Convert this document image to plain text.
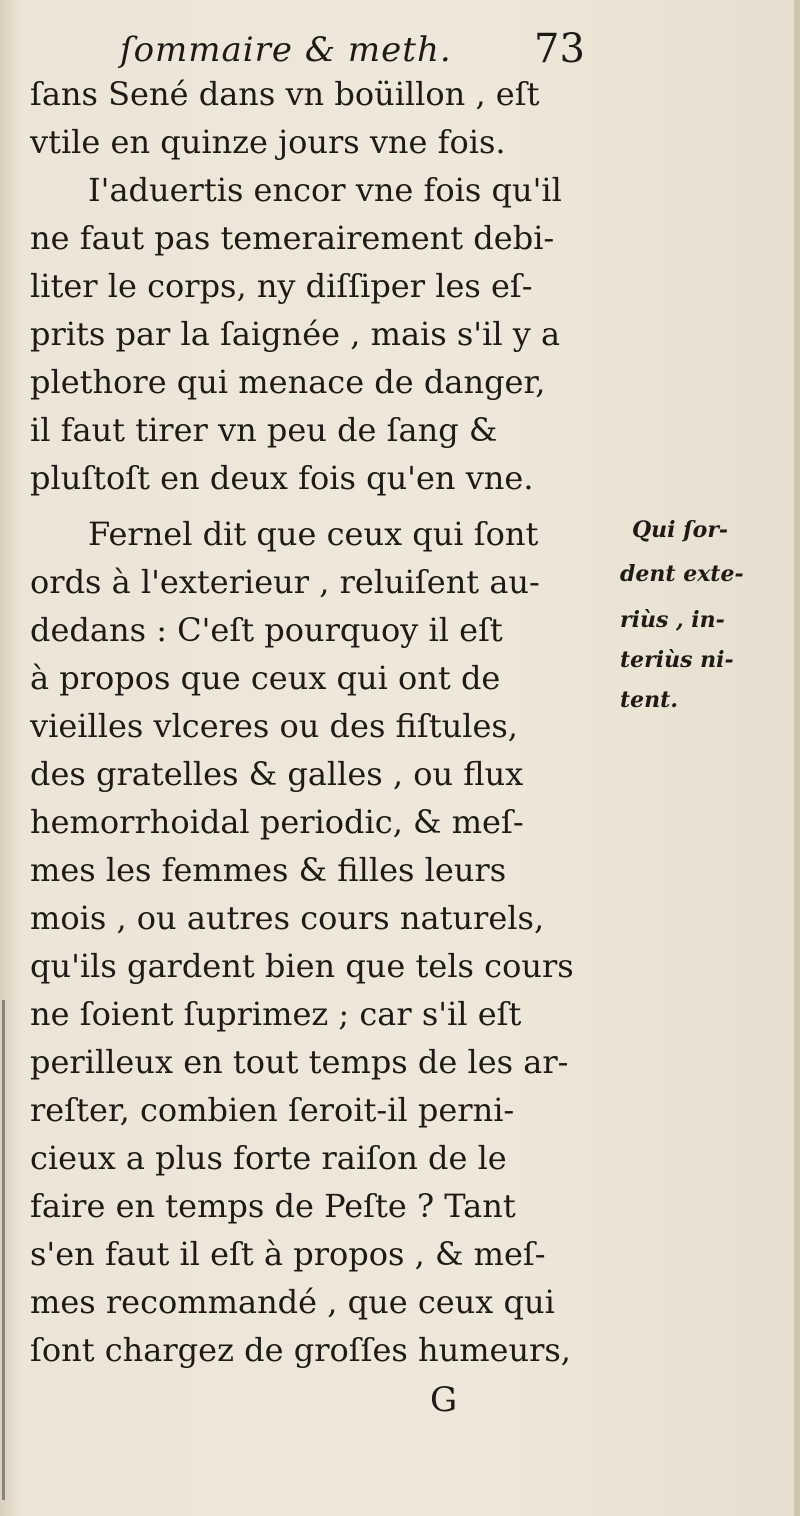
ſommaire & meth. 73
ſans Sené dans vn boüillon , eſt
vtile en quinze jours vne fois.
I'aduertis encor vne fois qu'il
ne faut pas temerairement debi-
liter le corps, ny diſſiper les eſ-
prits par la ſaignée , mais s'il y a
plethore qui menace de danger,
il faut tirer vn peu de ſang &
pluſtoſt en deux fois qu'en vne.
Fernel dit que ceux qui ſont
ords à l'exterieur , reluiſent au-
dedans : C'eſt pourquoy il eſt
à propos que ceux qui ont de
vieilles vlceres ou des fiſtules,
des gratelles & galles , ou flux
hemorrhoidal periodic, & meſ-
mes les femmes & filles leurs
mois , ou autres cours naturels,
qu'ils gardent bien que tels cours
ne ſoient ſuprimez ; car s'il eſt
perilleux en tout temps de les ar-
reſter, combien ſeroit-il perni-
cieux a plus forte raiſon de le
faire en temps de Peſte ? Tant
s'en faut il eſt à propos , & meſ-
mes recommandé , que ceux qui
ſont chargez de groſſes humeurs,
Qui ſor-
dent exte-
riùs , in-
teriùs ni-
tent.
G
